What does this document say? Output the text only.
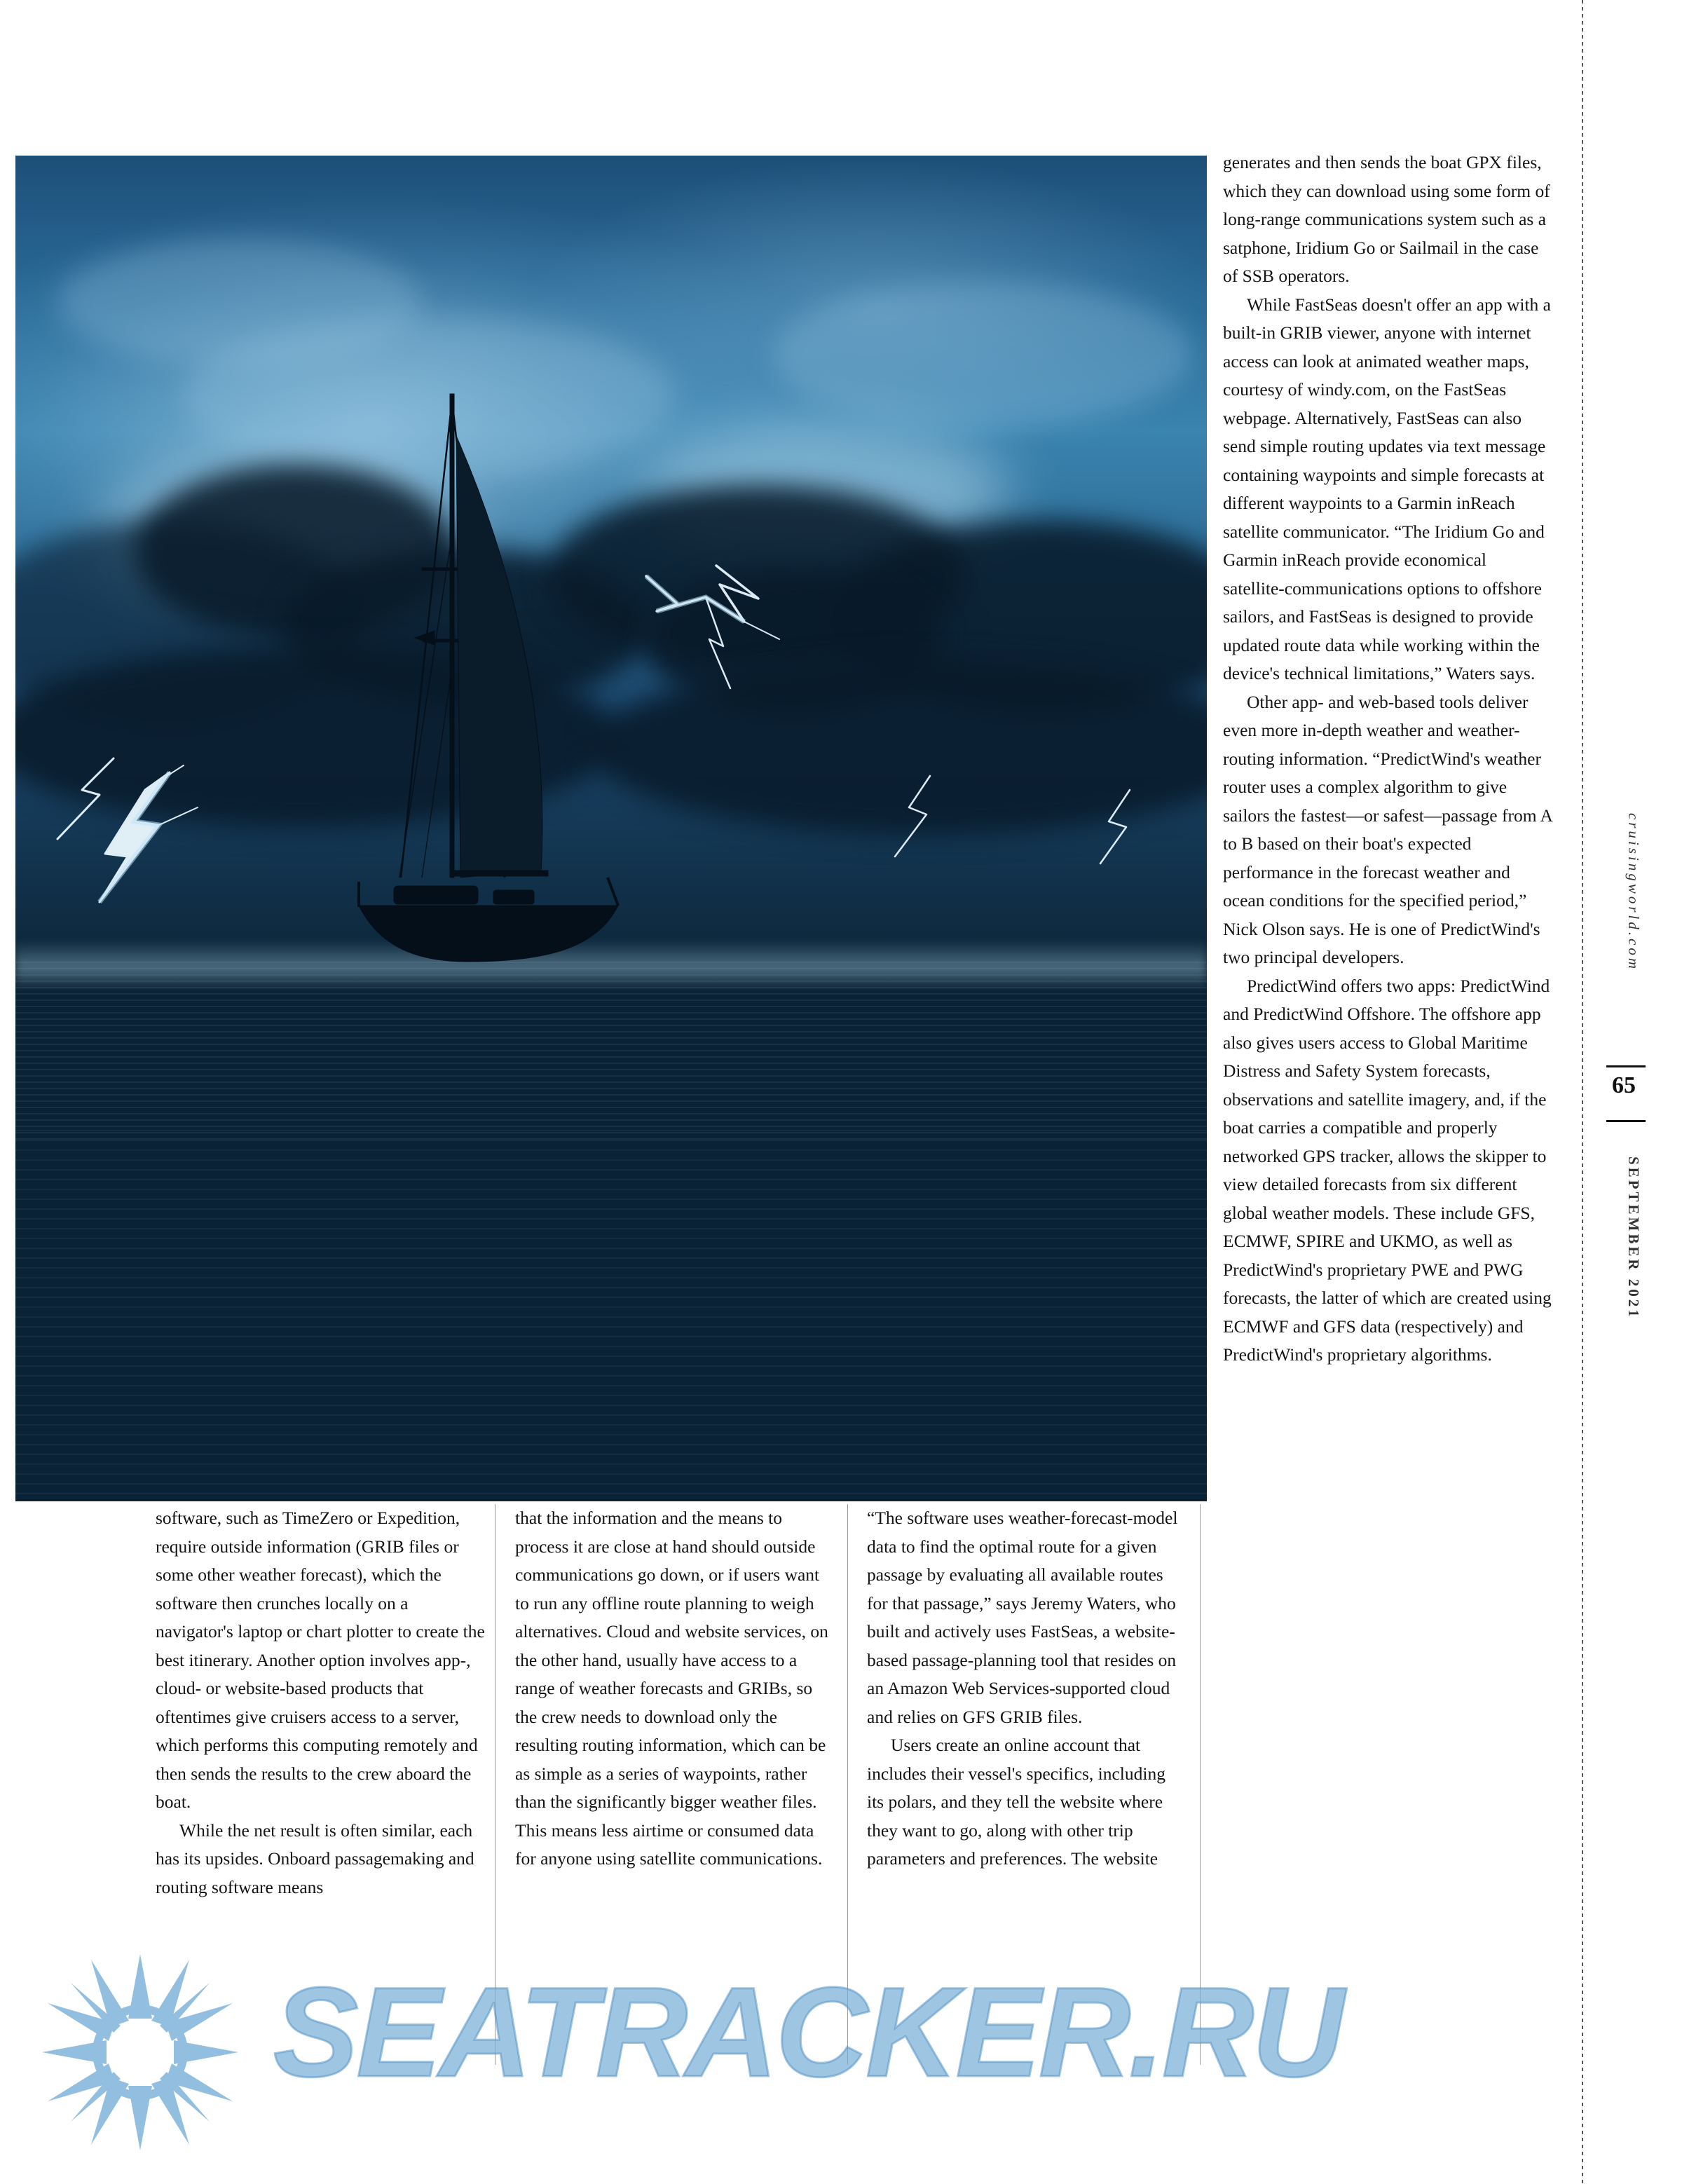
generates and then sends the boat GPX files, which they can download using some form of long-range communications system such as a satphone, Iridium Go or Sailmail in the case of SSB operators.

While FastSeas doesn't offer an app with a built-in GRIB viewer, anyone with internet access can look at animated weather maps, courtesy of windy.com, on the FastSeas webpage. Alternatively, FastSeas can also send simple routing updates via text message containing waypoints and simple forecasts at different waypoints to a Garmin inReach satellite communicator. “The Iridium Go and Garmin inReach provide economical satellite-communications options to offshore sailors, and FastSeas is designed to provide updated route data while working within the device's technical limitations,” Waters says.

Other app- and web-based tools deliver even more in-depth weather and weather-routing information. “PredictWind's weather router uses a complex algorithm to give sailors the fastest—or safest—passage from A to B based on their boat's expected performance in the forecast weather and ocean conditions for the specified period,” Nick Olson says. He is one of PredictWind's two principal developers.

PredictWind offers two apps: PredictWind and PredictWind Offshore. The offshore app also gives users access to Global Maritime Distress and Safety System forecasts, observations and satellite imagery, and, if the boat carries a compatible and properly networked GPS tracker, allows the skipper to view detailed forecasts from six different global weather models. These include GFS, ECMWF, SPIRE and UKMO, as well as PredictWind's proprietary PWE and PWG forecasts, the latter of which are created using ECMWF and GFS data (respectively) and PredictWind's proprietary algorithms.

software, such as TimeZero or Expedition, require outside information (GRIB files or some other weather forecast), which the software then crunches locally on a navigator's laptop or chart plotter to create the best itinerary. Another option involves app-, cloud- or website-based products that oftentimes give cruisers access to a server, which performs this computing remotely and then sends the results to the crew aboard the boat.

While the net result is often similar, each has its upsides. Onboard passagemaking and routing software means

that the information and the means to process it are close at hand should outside communications go down, or if users want to run any offline route planning to weigh alternatives. Cloud and website services, on the other hand, usually have access to a range of weather forecasts and GRIBs, so the crew needs to download only the resulting routing information, which can be as simple as a series of waypoints, rather than the significantly bigger weather files. This means less airtime or consumed data for anyone using satellite communications.

“The software uses weather-forecast-model data to find the optimal route for a given passage by evaluating all available routes for that passage,” says Jeremy Waters, who built and actively uses FastSeas, a website-based passage-planning tool that resides on an Amazon Web Services-supported cloud and relies on GFS GRIB files.

Users create an online account that includes their vessel's specifics, including its polars, and they tell the website where they want to go, along with other trip parameters and preferences. The website

cruisingworld.com
65
SEPTEMBER 2021
SEATRACKER.RU
